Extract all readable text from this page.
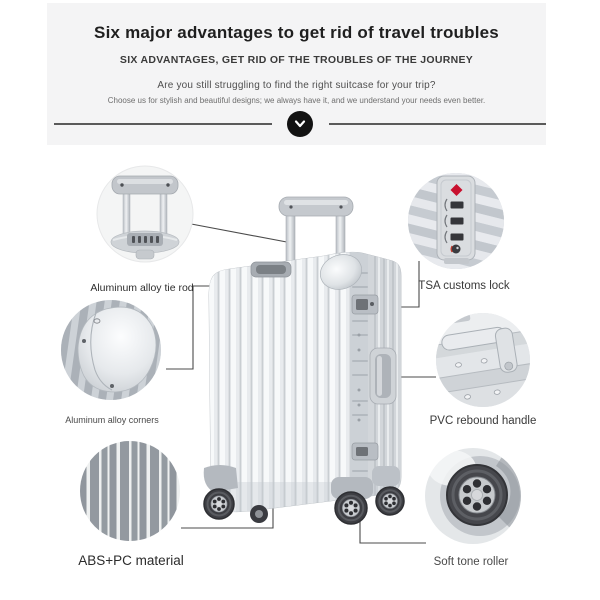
Six major advantages to get rid of travel troubles
SIX ADVANTAGES, GET RID OF THE TROUBLES OF THE JOURNEY
Are you still struggling to find the right suitcase for your trip?
Choose us for stylish and beautiful designs; we always have it, and we understand your needs even better.
Aluminum alloy tie rod
Aluminum alloy corners
ABS+PC material
TSA customs lock
PVC rebound handle
Soft tone roller
